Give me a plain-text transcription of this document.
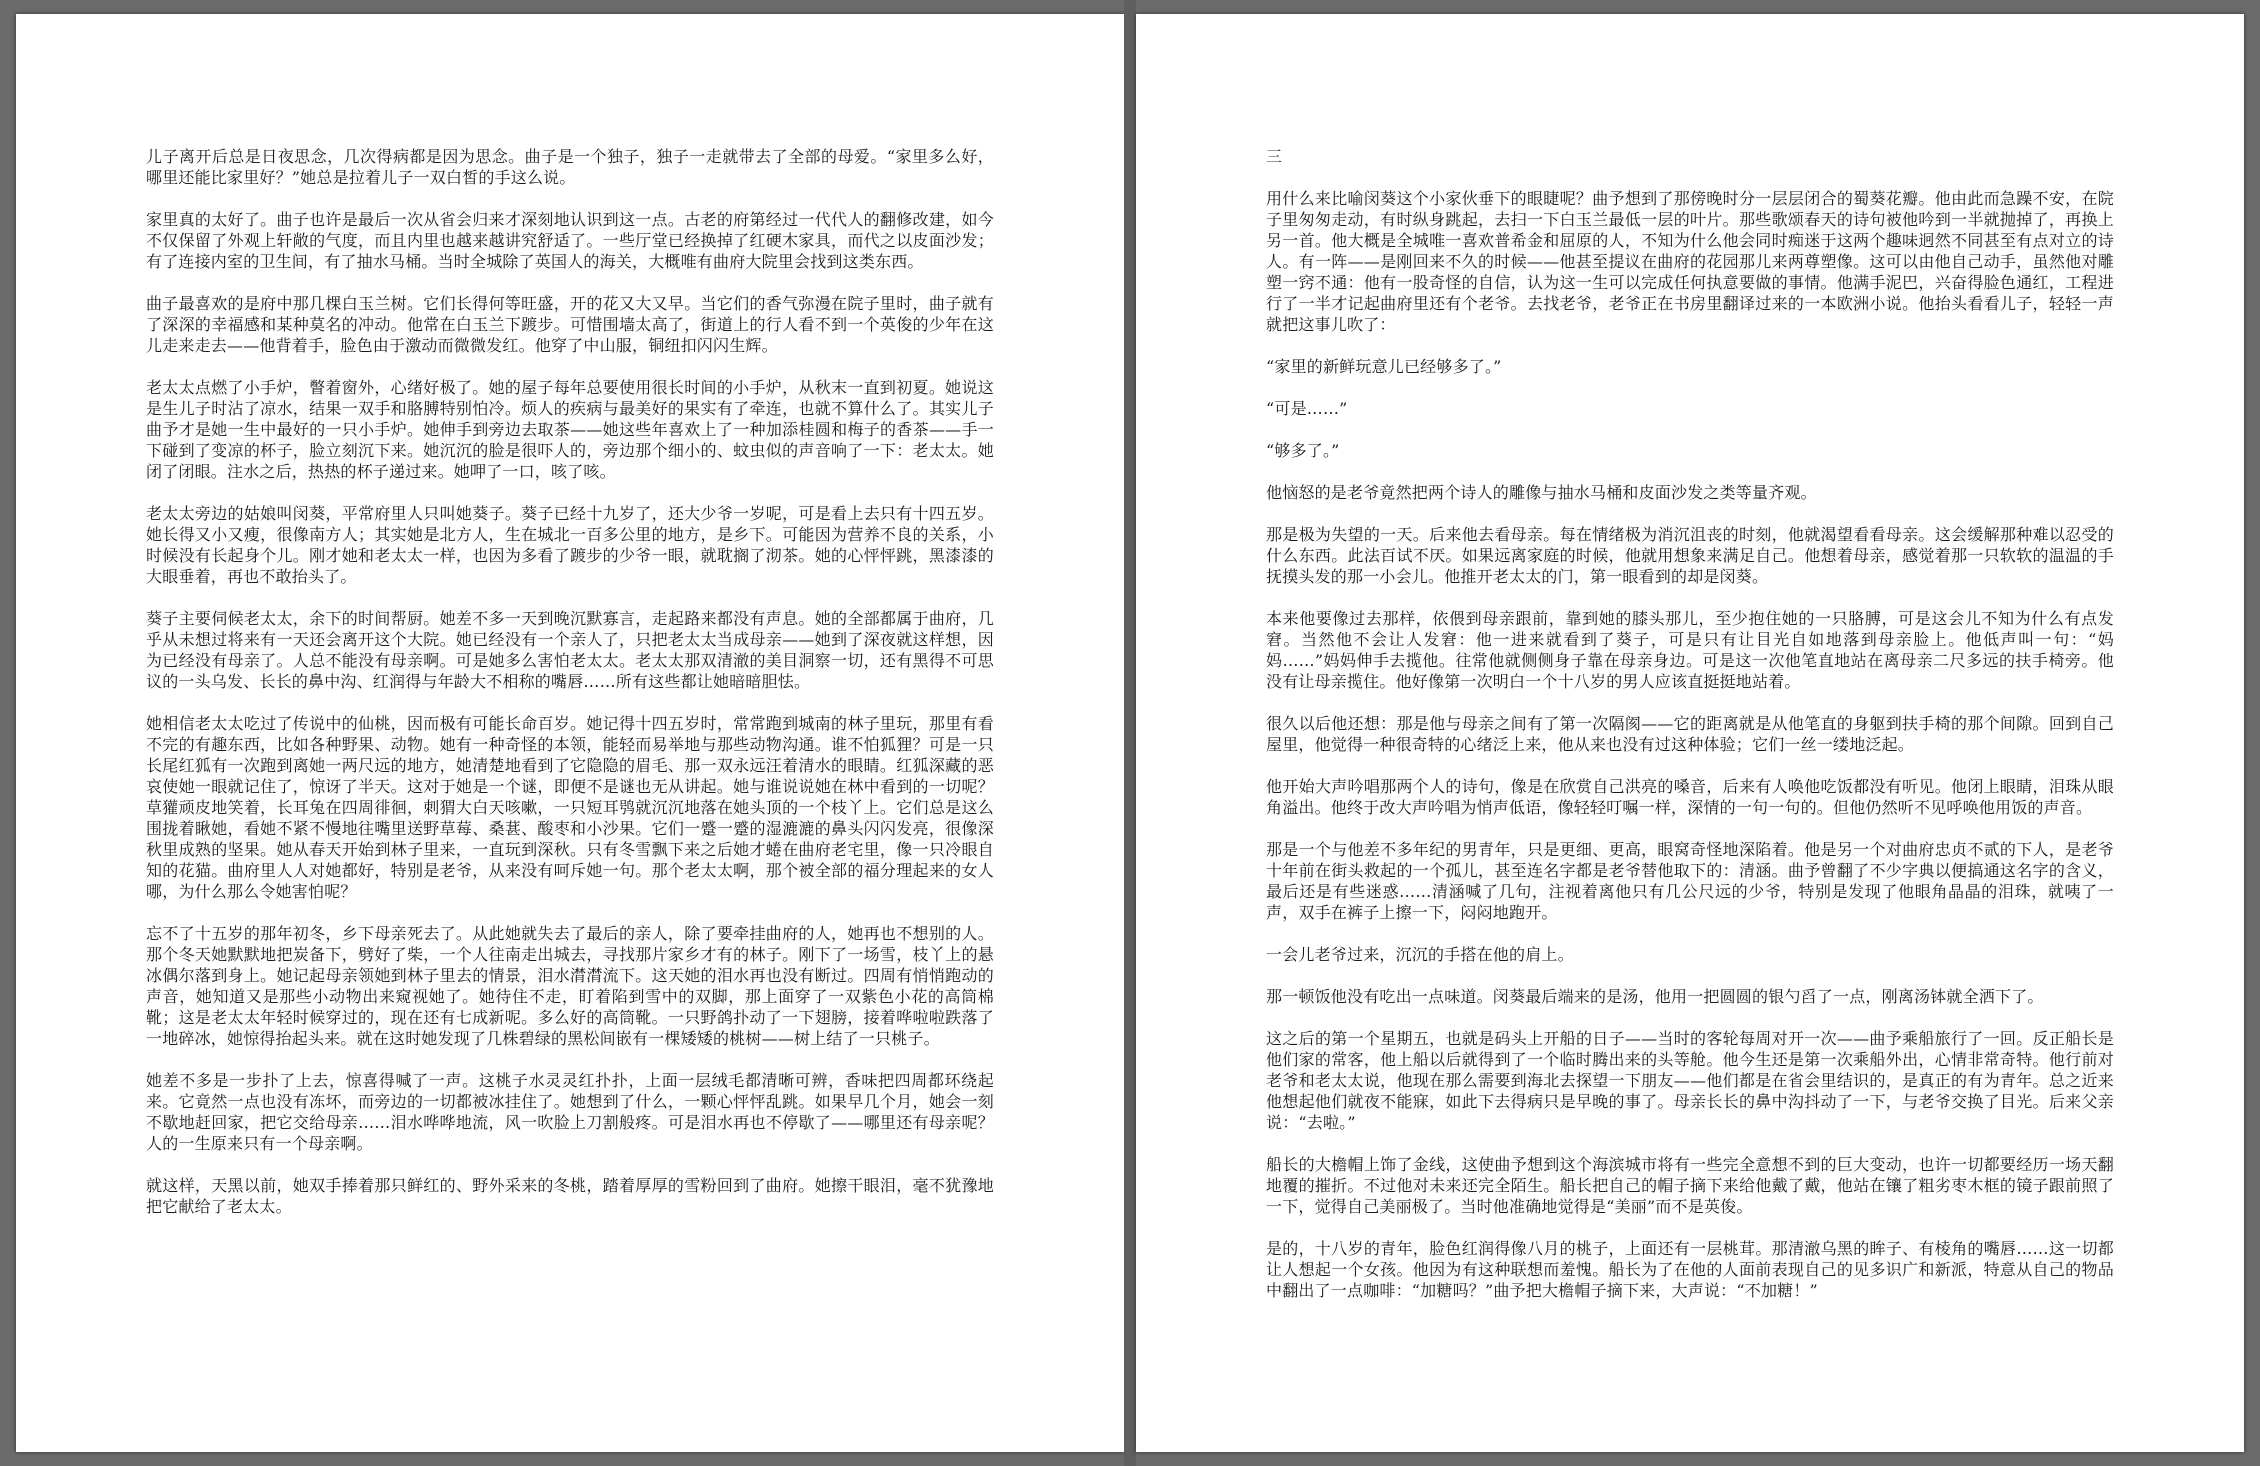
儿子离开后总是日夜思念，几次得病都是因为思念。曲子是一个独子，独子一走就带去了全部的母爱。“家里多么好，哪里还能比家里好？”她总是拉着儿子一双白皙的手这么说。

家里真的太好了。曲子也许是最后一次从省会归来才深刻地认识到这一点。古老的府第经过一代代人的翻修改建，如今不仅保留了外观上轩敞的气度，而且内里也越来越讲究舒适了。一些厅堂已经换掉了红硬木家具，而代之以皮面沙发；有了连接内室的卫生间，有了抽水马桶。当时全城除了英国人的海关，大概唯有曲府大院里会找到这类东西。

曲子最喜欢的是府中那几棵白玉兰树。它们长得何等旺盛，开的花又大又早。当它们的香气弥漫在院子里时，曲子就有了深深的幸福感和某种莫名的冲动。他常在白玉兰下踱步。可惜围墙太高了，街道上的行人看不到一个英俊的少年在这儿走来走去——他背着手，脸色由于激动而微微发红。他穿了中山服，铜纽扣闪闪生辉。

老太太点燃了小手炉，瞥着窗外，心绪好极了。她的屋子每年总要使用很长时间的小手炉，从秋末一直到初夏。她说这是生儿子时沾了凉水，结果一双手和胳膊特别怕冷。烦人的疾病与最美好的果实有了牵连，也就不算什么了。其实儿子曲予才是她一生中最好的一只小手炉。她伸手到旁边去取茶——她这些年喜欢上了一种加添桂圆和梅子的香茶——手一下碰到了变凉的杯子，脸立刻沉下来。她沉沉的脸是很吓人的，旁边那个细小的、蚊虫似的声音响了一下：老太太。她闭了闭眼。注水之后，热热的杯子递过来。她呷了一口，咳了咳。

老太太旁边的姑娘叫闵葵，平常府里人只叫她葵子。葵子已经十九岁了，还大少爷一岁呢，可是看上去只有十四五岁。她长得又小又瘦，很像南方人；其实她是北方人，生在城北一百多公里的地方，是乡下。可能因为营养不良的关系，小时候没有长起身个儿。刚才她和老太太一样，也因为多看了踱步的少爷一眼，就耽搁了沏茶。她的心怦怦跳，黑漆漆的大眼垂着，再也不敢抬头了。

葵子主要伺候老太太，余下的时间帮厨。她差不多一天到晚沉默寡言，走起路来都没有声息。她的全部都属于曲府，几乎从未想过将来有一天还会离开这个大院。她已经没有一个亲人了，只把老太太当成母亲——她到了深夜就这样想，因为已经没有母亲了。人总不能没有母亲啊。可是她多么害怕老太太。老太太那双清澈的美目洞察一切，还有黑得不可思议的一头乌发、长长的鼻中沟、红润得与年龄大不相称的嘴唇……所有这些都让她暗暗胆怯。

她相信老太太吃过了传说中的仙桃，因而极有可能长命百岁。她记得十四五岁时，常常跑到城南的林子里玩，那里有看不完的有趣东西，比如各种野果、动物。她有一种奇怪的本领，能轻而易举地与那些动物沟通。谁不怕狐狸？可是一只长尾红狐有一次跑到离她一两尺远的地方，她清楚地看到了它隐隐的眉毛、那一双永远汪着清水的眼睛。红狐深藏的恶哀使她一眼就记住了，惊讶了半天。这对于她是一个谜，即便不是谜也无从讲起。她与谁说说她在林中看到的一切呢？草獾顽皮地笑着，长耳兔在四周徘徊，刺猬大白天咳嗽，一只短耳鸮就沉沉地落在她头顶的一个枝丫上。它们总是这么围拢着瞅她，看她不紧不慢地往嘴里送野草莓、桑葚、酸枣和小沙果。它们一蹙一蹙的湿漉漉的鼻头闪闪发亮，很像深秋里成熟的坚果。她从春天开始到林子里来，一直玩到深秋。只有冬雪飘下来之后她才蜷在曲府老宅里，像一只冷眼自知的花猫。曲府里人人对她都好，特别是老爷，从来没有呵斥她一句。那个老太太啊，那个被全部的福分理起来的女人哪，为什么那么令她害怕呢？

忘不了十五岁的那年初冬，乡下母亲死去了。从此她就失去了最后的亲人，除了要牵挂曲府的人，她再也不想别的人。那个冬天她默默地把炭备下，劈好了柴，一个人往南走出城去，寻找那片家乡才有的林子。刚下了一场雪，枝丫上的悬冰偶尔落到身上。她记起母亲领她到林子里去的情景，泪水潸潸流下。这天她的泪水再也没有断过。四周有悄悄跑动的声音，她知道又是那些小动物出来窥视她了。她待住不走，盯着陷到雪中的双脚，那上面穿了一双紫色小花的高筒棉靴；这是老太太年轻时候穿过的，现在还有七成新呢。多么好的高筒靴。一只野鸽扑动了一下翅膀，接着哗啦啦跌落了一地碎冰，她惊得抬起头来。就在这时她发现了几株碧绿的黑松间嵌有一棵矮矮的桃树——树上结了一只桃子。

她差不多是一步扑了上去，惊喜得喊了一声。这桃子水灵灵红扑扑，上面一层绒毛都清晰可辨，香味把四周都环绕起来。它竟然一点也没有冻坏，而旁边的一切都被冰挂住了。她想到了什么，一颗心怦怦乱跳。如果早几个月，她会一刻不歇地赶回家，把它交给母亲……泪水哗哗地流，风一吹脸上刀割般疼。可是泪水再也不停歇了——哪里还有母亲呢？人的一生原来只有一个母亲啊。

就这样，天黑以前，她双手捧着那只鲜红的、野外采来的冬桃，踏着厚厚的雪粉回到了曲府。她擦干眼泪，毫不犹豫地把它献给了老太太。

三

用什么来比喻闵葵这个小家伙垂下的眼睫呢？曲予想到了那傍晚时分一层层闭合的蜀葵花瓣。他由此而急躁不安，在院子里匆匆走动，有时纵身跳起，去扫一下白玉兰最低一层的叶片。那些歌颂春天的诗句被他吟到一半就抛掉了，再换上另一首。他大概是全城唯一喜欢普希金和屈原的人，不知为什么他会同时痴迷于这两个趣味迥然不同甚至有点对立的诗人。有一阵——是刚回来不久的时候——他甚至提议在曲府的花园那儿来两尊塑像。这可以由他自己动手，虽然他对雕塑一窍不通：他有一股奇怪的自信，认为这一生可以完成任何执意要做的事情。他满手泥巴，兴奋得脸色通红，工程进行了一半才记起曲府里还有个老爷。去找老爷，老爷正在书房里翻译过来的一本欧洲小说。他抬头看看儿子，轻轻一声就把这事儿吹了：

“家里的新鲜玩意儿已经够多了。”

“可是……”

“够多了。”

他恼怒的是老爷竟然把两个诗人的雕像与抽水马桶和皮面沙发之类等量齐观。

那是极为失望的一天。后来他去看母亲。每在情绪极为消沉沮丧的时刻，他就渴望看看母亲。这会缓解那种难以忍受的什么东西。此法百试不厌。如果远离家庭的时候，他就用想象来满足自己。他想着母亲，感觉着那一只软软的温温的手抚摸头发的那一小会儿。他推开老太太的门，第一眼看到的却是闵葵。

本来他要像过去那样，依偎到母亲跟前，靠到她的膝头那儿，至少抱住她的一只胳膊，可是这会儿不知为什么有点发窘。当然他不会让人发窘：他一进来就看到了葵子，可是只有让目光自如地落到母亲脸上。他低声叫一句：“妈妈……”妈妈伸手去揽他。往常他就侧侧身子靠在母亲身边。可是这一次他笔直地站在离母亲二尺多远的扶手椅旁。他没有让母亲揽住。他好像第一次明白一个十八岁的男人应该直挺挺地站着。

很久以后他还想：那是他与母亲之间有了第一次隔阂——它的距离就是从他笔直的身躯到扶手椅的那个间隙。回到自己屋里，他觉得一种很奇特的心绪泛上来，他从来也没有过这种体验；它们一丝一缕地泛起。

他开始大声吟唱那两个人的诗句，像是在欣赏自己洪亮的嗓音，后来有人唤他吃饭都没有听见。他闭上眼睛，泪珠从眼角溢出。他终于改大声吟唱为悄声低语，像轻轻叮嘱一样，深情的一句一句的。但他仍然听不见呼唤他用饭的声音。

那是一个与他差不多年纪的男青年，只是更细、更高，眼窝奇怪地深陷着。他是另一个对曲府忠贞不贰的下人，是老爷十年前在街头救起的一个孤儿，甚至连名字都是老爷替他取下的：清涵。曲予曾翻了不少字典以便搞通这名字的含义，最后还是有些迷惑……清涵喊了几句，注视着离他只有几公尺远的少爷，特别是发现了他眼角晶晶的泪珠，就咦了一声，双手在裤子上擦一下，闷闷地跑开。

一会儿老爷过来，沉沉的手搭在他的肩上。

那一顿饭他没有吃出一点味道。闵葵最后端来的是汤，他用一把圆圆的银勺舀了一点，刚离汤钵就全洒下了。

这之后的第一个星期五，也就是码头上开船的日子——当时的客轮每周对开一次——曲予乘船旅行了一回。反正船长是他们家的常客，他上船以后就得到了一个临时腾出来的头等舱。他今生还是第一次乘船外出，心情非常奇特。他行前对老爷和老太太说，他现在那么需要到海北去探望一下朋友——他们都是在省会里结识的，是真正的有为青年。总之近来他想起他们就夜不能寐，如此下去得病只是早晚的事了。母亲长长的鼻中沟抖动了一下，与老爷交换了目光。后来父亲说：“去啦。”

船长的大檐帽上饰了金线，这使曲予想到这个海滨城市将有一些完全意想不到的巨大变动，也许一切都要经历一场天翻地覆的摧折。不过他对未来还完全陌生。船长把自己的帽子摘下来给他戴了戴，他站在镶了粗劣枣木框的镜子跟前照了一下，觉得自己美丽极了。当时他准确地觉得是“美丽”而不是英俊。

是的，十八岁的青年，脸色红润得像八月的桃子，上面还有一层桃茸。那清澈乌黑的眸子、有棱角的嘴唇……这一切都让人想起一个女孩。他因为有这种联想而羞愧。船长为了在他的人面前表现自己的见多识广和新派，特意从自己的物品中翻出了一点咖啡：“加糖吗？”曲予把大檐帽子摘下来，大声说：“不加糖！”
